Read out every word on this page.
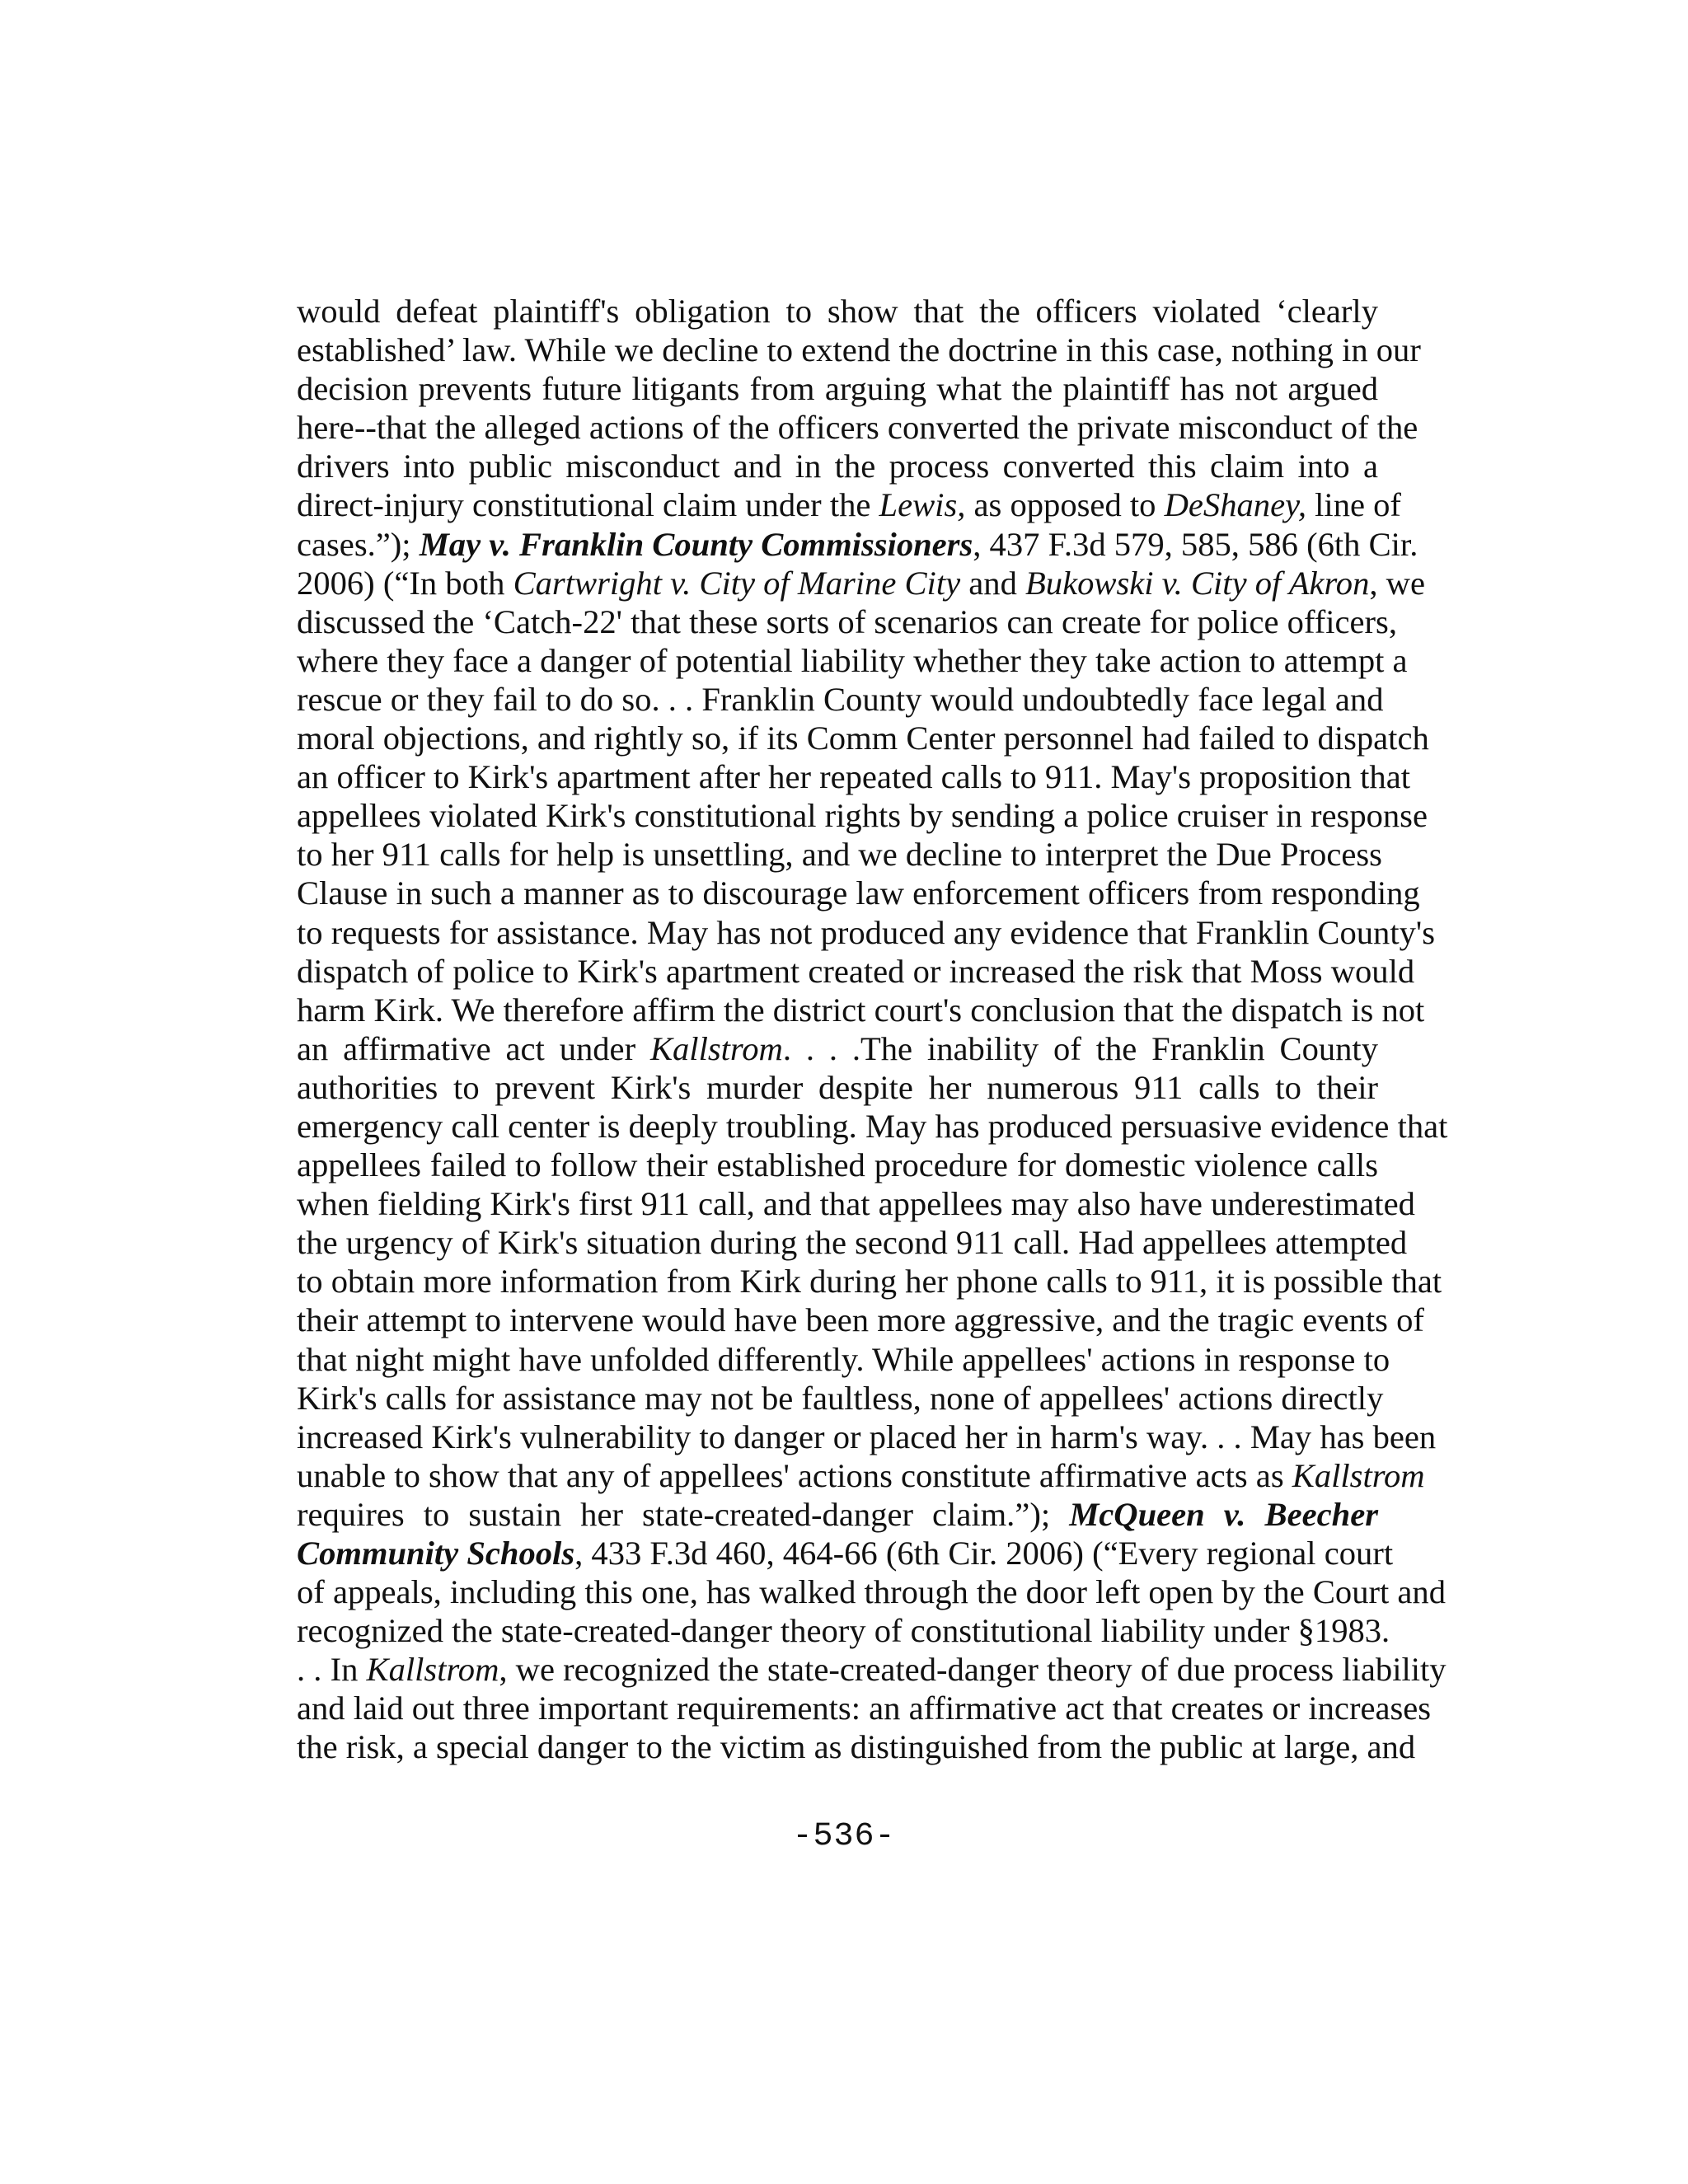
would defeat plaintiff's obligation to show that the officers violated ‘clearly
established’ law. While we decline to extend the doctrine in this case, nothing in our
decision prevents future litigants from arguing what the plaintiff has not argued
here--that the alleged actions of the officers converted the private misconduct of the
drivers into public misconduct and in the process converted this claim into a
direct-injury constitutional claim under the Lewis, as opposed to DeShaney, line of
cases.”); May v. Franklin County Commissioners, 437 F.3d 579, 585, 586 (6th Cir.
2006) (“In both Cartwright v. City of Marine City and Bukowski v. City of Akron, we
discussed the ‘Catch-22' that these sorts of scenarios can create for police officers,
where they face a danger of potential liability whether they take action to attempt a
rescue or they fail to do so. . . Franklin County would undoubtedly face legal and
moral objections, and rightly so, if its Comm Center personnel had failed to dispatch
an officer to Kirk's apartment after her repeated calls to 911. May's proposition that
appellees violated Kirk's constitutional rights by sending a police cruiser in response
to her 911 calls for help is unsettling, and we decline to interpret the Due Process
Clause in such a manner as to discourage law enforcement officers from responding
to requests for assistance. May has not produced any evidence that Franklin County's
dispatch of police to Kirk's apartment created or increased the risk that Moss would
harm Kirk. We therefore affirm the district court's conclusion that the dispatch is not
an affirmative act under Kallstrom. . . .The inability of the Franklin County
authorities to prevent Kirk's murder despite her numerous 911 calls to their
emergency call center is deeply troubling. May has produced persuasive evidence that
appellees failed to follow their established procedure for domestic violence calls
when fielding Kirk's first 911 call, and that appellees may also have underestimated
the urgency of Kirk's situation during the second 911 call. Had appellees attempted
to obtain more information from Kirk during her phone calls to 911, it is possible that
their attempt to intervene would have been more aggressive, and the tragic events of
that night might have unfolded differently. While appellees' actions in response to
Kirk's calls for assistance may not be faultless, none of appellees' actions directly
increased Kirk's vulnerability to danger or placed her in harm's way. . . May has been
unable to show that any of appellees' actions constitute affirmative acts as Kallstrom
requires to sustain her state-created-danger claim.”); McQueen v. Beecher
Community Schools, 433 F.3d 460, 464-66 (6th Cir. 2006) (“Every regional court
of appeals, including this one, has walked through the door left open by the Court and
recognized the state-created-danger theory of constitutional liability under §1983.
. . In Kallstrom, we recognized the state-created-danger theory of due process liability
and laid out three important requirements: an affirmative act that creates or increases
the risk, a special danger to the victim as distinguished from the public at large, and
-536-
